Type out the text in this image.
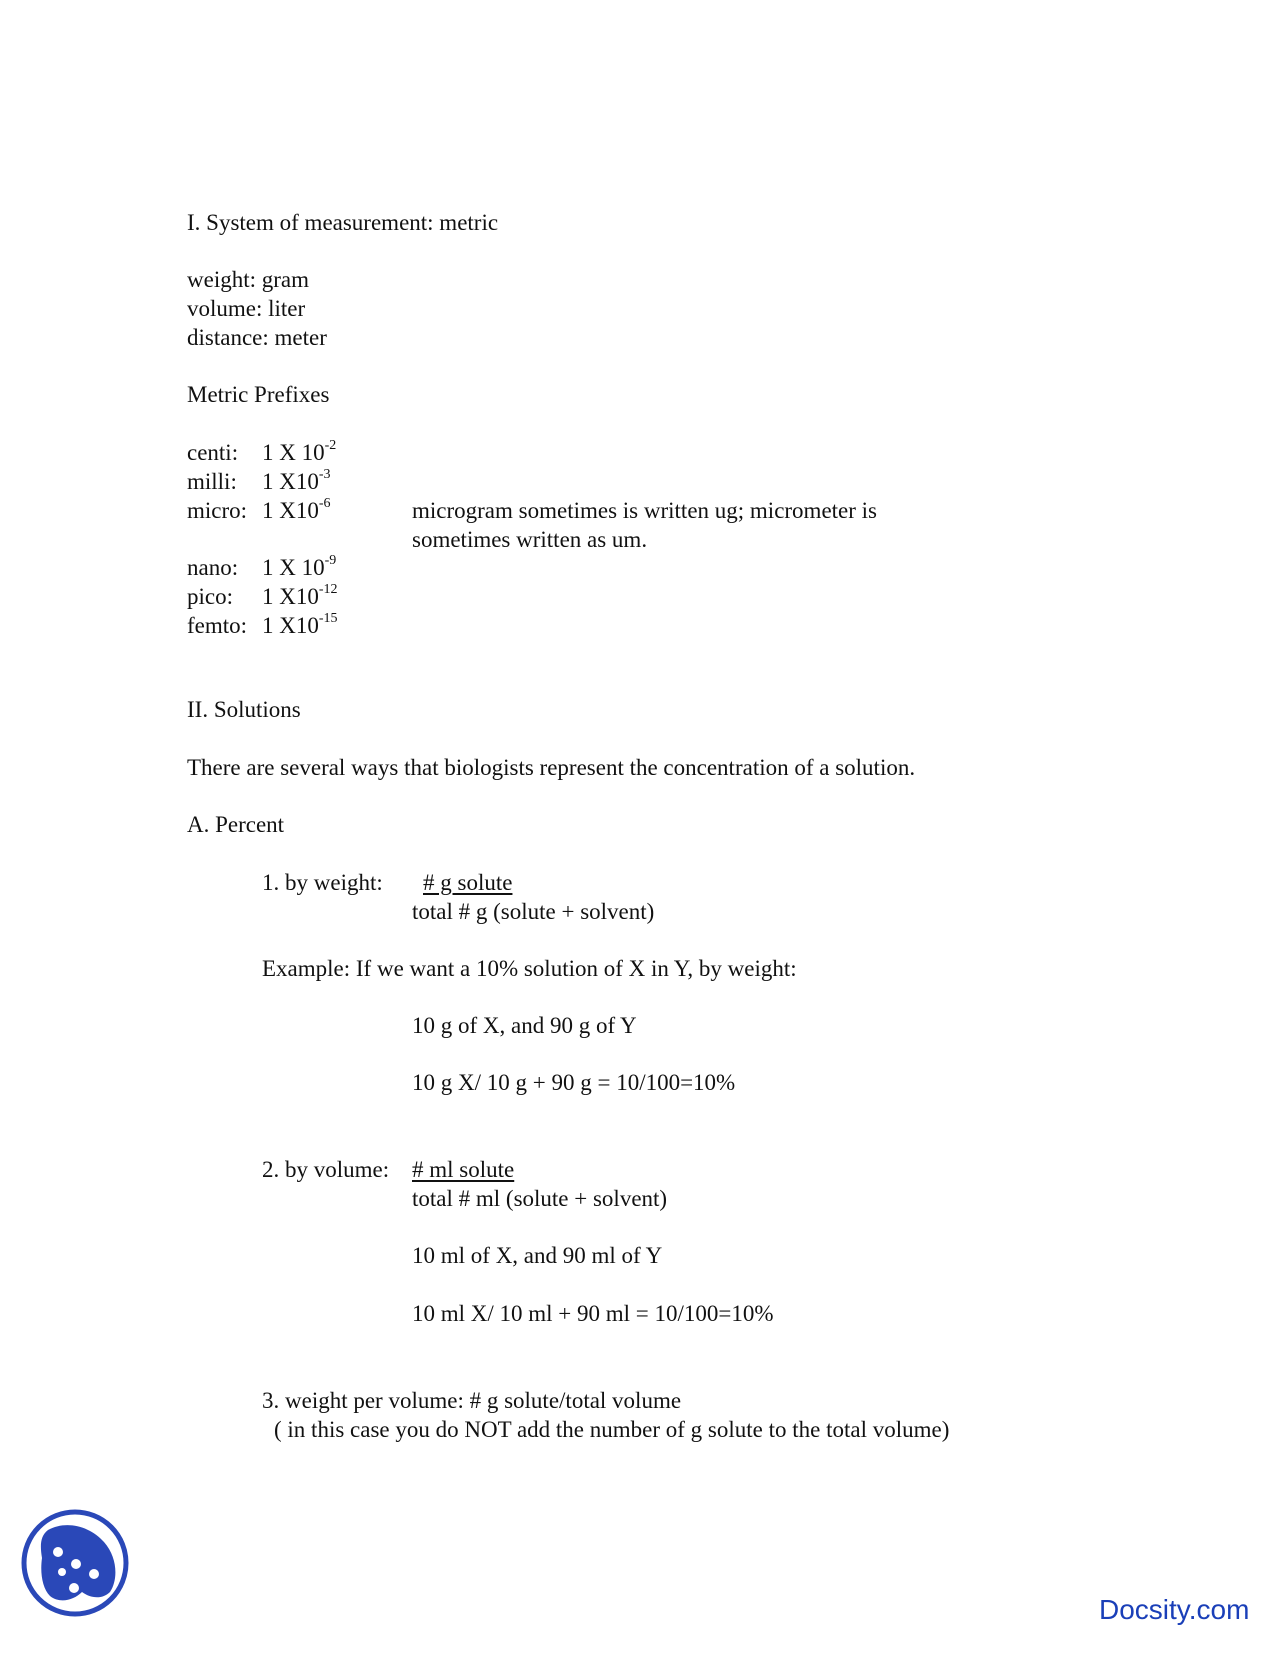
I. System of measurement: metric
weight: gram
volume: liter
distance: meter
Metric Prefixes
centi: 1 X $10^{-2}$
milli: 1 $X10^{-3}$
micro: 1 $X10^{-6}$	microgram sometimes is written ug; micrometer is
sometimes written as um.
nano: 1 X $10^{-9}$
pico: 1 $X10^{-12}$
femto: 1 $X10^{-15}$
II. Solutions
There are several ways that biologists represent the concentration of a solution.
A. Percent
1. by weight: # g solute
total # g (solute + solvent)
Example: If we want a 10% solution of X in Y, by weight:
10 g of X, and 90 g of Y
10 g X/ 10 g + 90 g = 10/100=10%
2. by volume: # ml solute
total # ml (solute + solvent)
10 ml of X, and 90 ml of Y
10 ml X/ 10 ml + 90 ml = 10/100=10%
3. weight per volume: # g solute/total volume
( in this case you do NOT add the number of g solute to the total volume)
Docsity.com
